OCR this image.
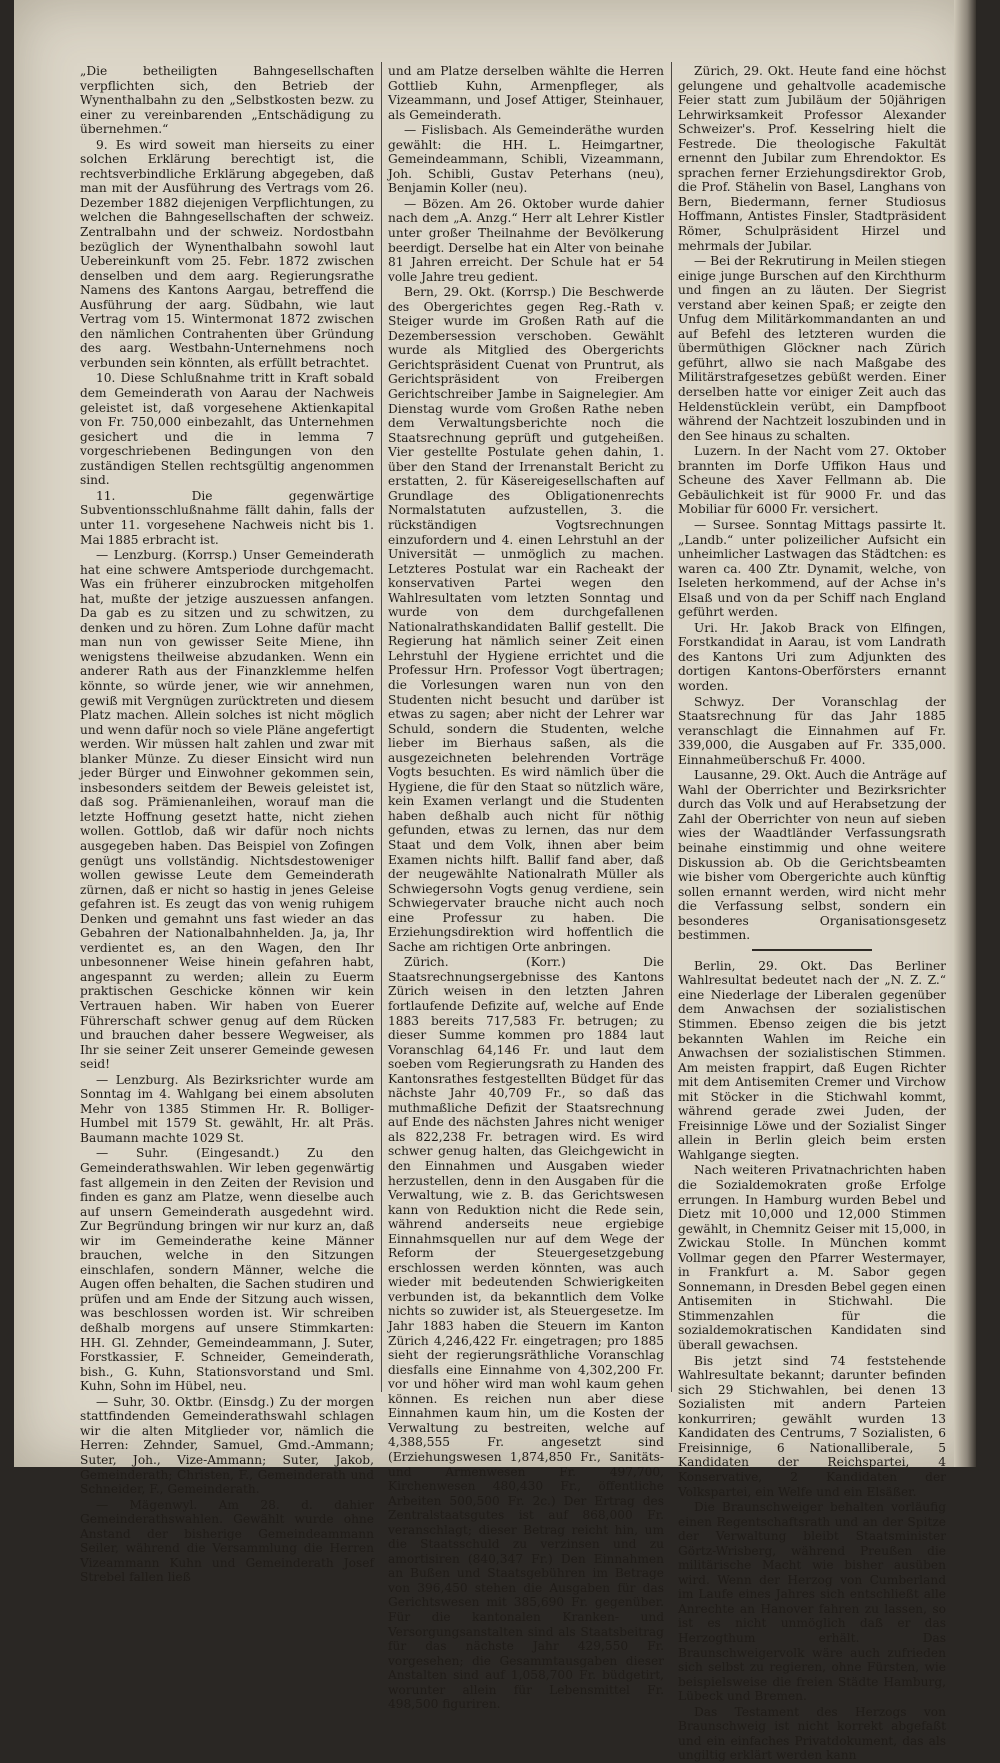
„Die betheiligten Bahngesellschaften verpflichten sich, den Betrieb der Wynenthalbahn zu den „Selbstkosten bezw. zu einer zu vereinbarenden „Entschädigung zu übernehmen.“

9. Es wird soweit man hierseits zu einer solchen Erklärung berechtigt ist, die rechtsverbindliche Erklärung abgegeben, daß man mit der Ausführung des Vertrags vom 26. Dezember 1882 diejenigen Verpflichtungen, zu welchen die Bahngesellschaften der schweiz. Zentralbahn und der schweiz. Nordostbahn bezüglich der Wynenthalbahn sowohl laut Uebereinkunft vom 25. Febr. 1872 zwischen denselben und dem aarg. Regierungsrathe Namens des Kantons Aargau, betreffend die Ausführung der aarg. Südbahn, wie laut Vertrag vom 15. Wintermonat 1872 zwischen den nämlichen Contrahenten über Gründung des aarg. Westbahn-Unternehmens noch verbunden sein könnten, als erfüllt betrachtet.

10. Diese Schlußnahme tritt in Kraft sobald dem Gemeinderath von Aarau der Nachweis geleistet ist, daß vorgesehene Aktienkapital von Fr. 750,000 einbezahlt, das Unternehmen gesichert und die in lemma 7 vorgeschriebenen Bedingungen von den zuständigen Stellen rechtsgültig angenommen sind.

11. Die gegenwärtige Subventionsschlußnahme fällt dahin, falls der unter 11. vorgesehene Nachweis nicht bis 1. Mai 1885 erbracht ist.

— Lenzburg. (Korrsp.) Unser Gemeinderath hat eine schwere Amtsperiode durchgemacht. Was ein früherer einzubrocken mitgeholfen hat, mußte der jetzige auszuessen anfangen. Da gab es zu sitzen und zu schwitzen, zu denken und zu hören. Zum Lohne dafür macht man nun von gewisser Seite Miene, ihn wenigstens theilweise abzudanken. Wenn ein anderer Rath aus der Finanzklemme helfen könnte, so würde jener, wie wir annehmen, gewiß mit Vergnügen zurücktreten und diesem Platz machen. Allein solches ist nicht möglich und wenn dafür noch so viele Pläne angefertigt werden. Wir müssen halt zahlen und zwar mit blanker Münze. Zu dieser Einsicht wird nun jeder Bürger und Einwohner gekommen sein, insbesonders seitdem der Beweis geleistet ist, daß sog. Prämienanleihen, worauf man die letzte Hoffnung gesetzt hatte, nicht ziehen wollen. Gottlob, daß wir dafür noch nichts ausgegeben haben. Das Beispiel von Zofingen genügt uns vollständig. Nichtsdestoweniger wollen gewisse Leute dem Gemeinderath zürnen, daß er nicht so hastig in jenes Geleise gefahren ist. Es zeugt das von wenig ruhigem Denken und gemahnt uns fast wieder an das Gebahren der Nationalbahnhelden. Ja, ja, Ihr verdientet es, an den Wagen, den Ihr unbesonnener Weise hinein gefahren habt, angespannt zu werden; allein zu Euerm praktischen Geschicke können wir kein Vertrauen haben. Wir haben von Euerer Führerschaft schwer genug auf dem Rücken und brauchen daher bessere Wegweiser, als Ihr sie seiner Zeit unserer Gemeinde gewesen seid!

— Lenzburg. Als Bezirksrichter wurde am Sonntag im 4. Wahlgang bei einem absoluten Mehr von 1385 Stimmen Hr. R. Bolliger-Humbel mit 1579 St. gewählt, Hr. alt Präs. Baumann machte 1029 St.

— Suhr. (Eingesandt.) Zu den Gemeinderathswahlen. Wir leben gegenwärtig fast allgemein in den Zeiten der Revision und finden es ganz am Platze, wenn dieselbe auch auf unsern Gemeinderath ausgedehnt wird. Zur Begründung bringen wir nur kurz an, daß wir im Gemeinderathe keine Männer brauchen, welche in den Sitzungen einschlafen, sondern Männer, welche die Augen offen behalten, die Sachen studiren und prüfen und am Ende der Sitzung auch wissen, was beschlossen worden ist. Wir schreiben deßhalb morgens auf unsere Stimmkarten: HH. Gl. Zehnder, Gemeindeammann, J. Suter, Forstkassier, F. Schneider, Gemeinderath, bish., G. Kuhn, Stationsvorstand und Sml. Kuhn, Sohn im Hübel, neu.

— Suhr, 30. Oktbr. (Einsdg.) Zu der morgen stattfindenden Gemeinderathswahl schlagen wir die alten Mitglieder vor, nämlich die Herren: Zehnder, Samuel, Gmd.-Ammann; Suter, Joh., Vize-Ammann; Suter, Jakob, Gemeinderath; Christen, F., Gemeinderath und Schneider, F., Gemeinderath.

— Mägenwyl. Am 28. d. dahier Gemeinderathswahlen. Gewählt wurde ohne Anstand der bisherige Gemeindeammann Seiler, während die Versammlung die Herren Vizeammann Kuhn und Gemeinderath Josef Strebel fallen ließ

und am Platze derselben wählte die Herren Gottlieb Kuhn, Armenpfleger, als Vizeammann, und Josef Attiger, Steinhauer, als Gemeinderath.

— Fislisbach. Als Gemeinderäthe wurden gewählt: die HH. L. Heimgartner, Gemeindeammann, Schibli, Vizeammann, Joh. Schibli, Gustav Peterhans (neu), Benjamin Koller (neu).

— Bözen. Am 26. Oktober wurde dahier nach dem „A. Anzg.“ Herr alt Lehrer Kistler unter großer Theilnahme der Bevölkerung beerdigt. Derselbe hat ein Alter von beinahe 81 Jahren erreicht. Der Schule hat er 54 volle Jahre treu gedient.

Bern, 29. Okt. (Korrsp.) Die Beschwerde des Obergerichtes gegen Reg.-Rath v. Steiger wurde im Großen Rath auf die Dezembersession verschoben. Gewählt wurde als Mitglied des Obergerichts Gerichtspräsident Cuenat von Pruntrut, als Gerichtspräsident von Freibergen Gerichtschreiber Jambe in Saignelegier. Am Dienstag wurde vom Großen Rathe neben dem Verwaltungsberichte noch die Staatsrechnung geprüft und gutgeheißen. Vier gestellte Postulate gehen dahin, 1. über den Stand der Irrenanstalt Bericht zu erstatten, 2. für Käsereigesellschaften auf Grundlage des Obligationenrechts Normalstatuten aufzustellen, 3. die rückständigen Vogtsrechnungen einzufordern und 4. einen Lehrstuhl an der Universität — unmöglich zu machen. Letzteres Postulat war ein Racheakt der konservativen Partei wegen den Wahlresultaten vom letzten Sonntag und wurde von dem durchgefallenen Nationalrathskandidaten Ballif gestellt. Die Regierung hat nämlich seiner Zeit einen Lehrstuhl der Hygiene errichtet und die Professur Hrn. Professor Vogt übertragen; die Vorlesungen waren nun von den Studenten nicht besucht und darüber ist etwas zu sagen; aber nicht der Lehrer war Schuld, sondern die Studenten, welche lieber im Bierhaus saßen, als die ausgezeichneten belehrenden Vorträge Vogts besuchten. Es wird nämlich über die Hygiene, die für den Staat so nützlich wäre, kein Examen verlangt und die Studenten haben deßhalb auch nicht für nöthig gefunden, etwas zu lernen, das nur dem Staat und dem Volk, ihnen aber beim Examen nichts hilft. Ballif fand aber, daß der neugewählte Nationalrath Müller als Schwiegersohn Vogts genug verdiene, sein Schwiegervater brauche nicht auch noch eine Professur zu haben. Die Erziehungsdirektion wird hoffentlich die Sache am richtigen Orte anbringen.

Zürich. (Korr.) Die Staatsrechnungsergebnisse des Kantons Zürich weisen in den letzten Jahren fortlaufende Defizite auf, welche auf Ende 1883 bereits 717,583 Fr. betrugen; zu dieser Summe kommen pro 1884 laut Voranschlag 64,146 Fr. und laut dem soeben vom Regierungsrath zu Handen des Kantonsrathes festgestellten Büdget für das nächste Jahr 40,709 Fr., so daß das muthmaßliche Defizit der Staatsrechnung auf Ende des nächsten Jahres nicht weniger als 822,238 Fr. betragen wird. Es wird schwer genug halten, das Gleichgewicht in den Einnahmen und Ausgaben wieder herzustellen, denn in den Ausgaben für die Verwaltung, wie z. B. das Gerichtswesen kann von Reduktion nicht die Rede sein, während anderseits neue ergiebige Einnahmsquellen nur auf dem Wege der Reform der Steuergesetzgebung erschlossen werden könnten, was auch wieder mit bedeutenden Schwierigkeiten verbunden ist, da bekanntlich dem Volke nichts so zuwider ist, als Steuergesetze. Im Jahr 1883 haben die Steuern im Kanton Zürich 4,246,422 Fr. eingetragen; pro 1885 sieht der regierungsräthliche Voranschlag diesfalls eine Einnahme von 4,302,200 Fr. vor und höher wird man wohl kaum gehen können. Es reichen nun aber diese Einnahmen kaum hin, um die Kosten der Verwaltung zu bestreiten, welche auf 4,388,555 Fr. angesetzt sind (Erziehungswesen 1,874,850 Fr., Sanitäts- und Armenwesen Fr. 497,700, Kirchenwesen 480,430 Fr., öffentliche Arbeiten 500,500 Fr. 2c.) Der Ertrag des Zentralstaatsgutes ist auf 868,000 Fr. veranschlagt; dieser Betrag reicht hin, um die Staatsschuld zu verzinsen und zu amortisiren (840,347 Fr.) Den Einnahmen an Bußen und Staatsgebühren im Betrage von 396,450 stehen die Ausgaben für das Gerichtswesen mit 385,690 Fr. gegenüber. Für die kantonalen Kranken- und Versorgungsanstalten sind als Staatsbeitrag für das nächste Jahr 429,550 Fr. vorgesehen; die Gesammtausgaben dieser Anstalten sind auf 1,058,700 Fr. büdgetirt, worunter allein für Lebensmittel Fr. 498,500 figuriren.

Zürich, 29. Okt. Heute fand eine höchst gelungene und gehaltvolle academische Feier statt zum Jubiläum der 50jährigen Lehrwirksamkeit Professor Alexander Schweizer's. Prof. Kesselring hielt die Festrede. Die theologische Fakultät ernennt den Jubilar zum Ehrendoktor. Es sprachen ferner Erziehungsdirektor Grob, die Prof. Stähelin von Basel, Langhans von Bern, Biedermann, ferner Studiosus Hoffmann, Antistes Finsler, Stadtpräsident Römer, Schulpräsident Hirzel und mehrmals der Jubilar.

— Bei der Rekrutirung in Meilen stiegen einige junge Burschen auf den Kirchthurm und fingen an zu läuten. Der Siegrist verstand aber keinen Spaß; er zeigte den Unfug dem Militärkommandanten an und auf Befehl des letzteren wurden die übermüthigen Glöckner nach Zürich geführt, allwo sie nach Maßgabe des Militärstrafgesetzes gebüßt werden. Einer derselben hatte vor einiger Zeit auch das Heldenstücklein verübt, ein Dampfboot während der Nachtzeit loszubinden und in den See hinaus zu schalten.

Luzern. In der Nacht vom 27. Oktober brannten im Dorfe Uffikon Haus und Scheune des Xaver Fellmann ab. Die Gebäulichkeit ist für 9000 Fr. und das Mobiliar für 6000 Fr. versichert.

— Sursee. Sonntag Mittags passirte lt. „Landb.“ unter polizeilicher Aufsicht ein unheimlicher Lastwagen das Städtchen: es waren ca. 400 Ztr. Dynamit, welche, von Iseleten herkommend, auf der Achse in's Elsaß und von da per Schiff nach England geführt werden.

Uri. Hr. Jakob Brack von Elfingen, Forstkandidat in Aarau, ist vom Landrath des Kantons Uri zum Adjunkten des dortigen Kantons-Oberförsters ernannt worden.

Schwyz. Der Voranschlag der Staatsrechnung für das Jahr 1885 veranschlagt die Einnahmen auf Fr. 339,000, die Ausgaben auf Fr. 335,000. Einnahmeüberschuß Fr. 4000.

Lausanne, 29. Okt. Auch die Anträge auf Wahl der Oberrichter und Bezirksrichter durch das Volk und auf Herabsetzung der Zahl der Oberrichter von neun auf sieben wies der Waadtländer Verfassungsrath beinahe einstimmig und ohne weitere Diskussion ab. Ob die Gerichtsbeamten wie bisher vom Obergerichte auch künftig sollen ernannt werden, wird nicht mehr die Verfassung selbst, sondern ein besonderes Organisationsgesetz bestimmen.

Berlin, 29. Okt. Das Berliner Wahlresultat bedeutet nach der „N. Z. Z.“ eine Niederlage der Liberalen gegenüber dem Anwachsen der sozialistischen Stimmen. Ebenso zeigen die bis jetzt bekannten Wahlen im Reiche ein Anwachsen der sozialistischen Stimmen. Am meisten frappirt, daß Eugen Richter mit dem Antisemiten Cremer und Virchow mit Stöcker in die Stichwahl kommt, während gerade zwei Juden, der Freisinnige Löwe und der Sozialist Singer allein in Berlin gleich beim ersten Wahlgange siegten.

Nach weiteren Privatnachrichten haben die Sozialdemokraten große Erfolge errungen. In Hamburg wurden Bebel und Dietz mit 10,000 und 12,000 Stimmen gewählt, in Chemnitz Geiser mit 15,000, in Zwickau Stolle. In München kommt Vollmar gegen den Pfarrer Westermayer, in Frankfurt a. M. Sabor gegen Sonnemann, in Dresden Bebel gegen einen Antisemiten in Stichwahl. Die Stimmenzahlen für die sozialdemokratischen Kandidaten sind überall gewachsen.

Bis jetzt sind 74 feststehende Wahlresultate bekannt; darunter befinden sich 29 Stichwahlen, bei denen 13 Sozialisten mit andern Parteien konkurriren; gewählt wurden 13 Kandidaten des Centrums, 7 Sozialisten, 6 Freisinnige, 6 Nationalliberale, 5 Kandidaten der Reichspartei, 4 Konservative, 2 Kandidaten der Volkspartei, ein Welfe und ein Elsäßer.

Die Braunschweiger behalten vorläufig einen Regentschaftsrath und an der Spitze der Verwaltung bleibt Staatsminister Görtz-Wrisberg, während Preußen die militärische Macht wie bisher ausüben wird. Wenn der Herzog von Cumberland im Laufe eines Jahres sich entschließt alle Anrechte an Hanover fahren zu lassen, so ist es nicht unmöglich daß er das Herzogthum erhält. Das Braunschweigervolk wäre auch zufrieden sich selbst zu regieren, ohne Fürsten, wie beispielsweise die freien Städte Hamburg, Lübeck und Bremen.

Das Testament des Herzogs von Braunschweig ist nicht korrekt abgefaßt und ein einfaches Privatdokument, das als ungiltig erklärt werden kann
